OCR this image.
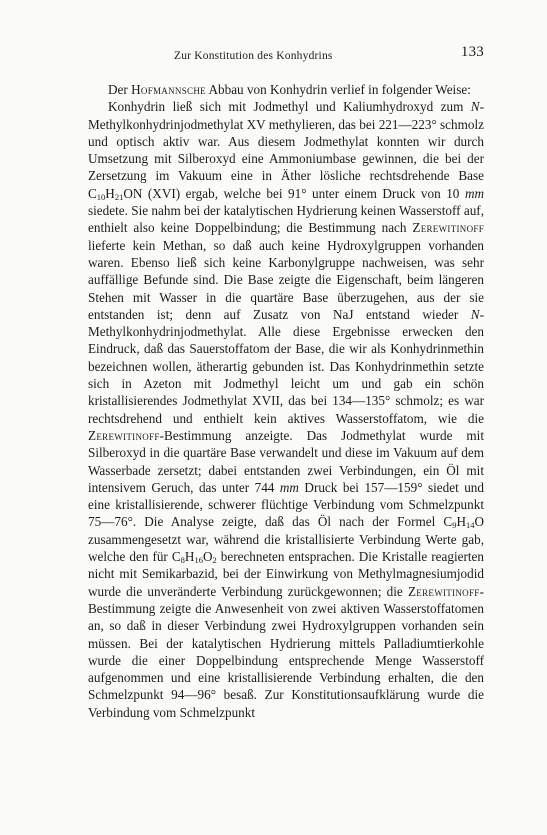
Zur Konstitution des Konhydrins	133

Der Hofmannsche Abbau von Konhydrin verlief in folgender Weise:

Konhydrin ließ sich mit Jodmethyl und Kaliumhydroxyd zum N-Methylkonhydrinjodmethylat XV methylieren, das bei 221—223° schmolz und optisch aktiv war. Aus diesem Jodmethylat konnten wir durch Umsetzung mit Silberoxyd eine Ammoniumbase gewinnen, die bei der Zersetzung im Vakuum eine in Äther lösliche rechtsdrehende Base $C_{10}H_{21}ON$ (XVI) ergab, welche bei 91° unter einem Druck von 10 mm siedete. Sie nahm bei der katalytischen Hydrierung keinen Wasserstoff auf, enthielt also keine Doppelbindung; die Bestimmung nach Zerewitinoff lieferte kein Methan, so daß auch keine Hydroxylgruppen vorhanden waren. Ebenso ließ sich keine Karbonylgruppe nachweisen, was sehr auffällige Befunde sind. Die Base zeigte die Eigenschaft, beim längeren Stehen mit Wasser in die quartäre Base überzugehen, aus der sie entstanden ist; denn auf Zusatz von NaJ entstand wieder N-Methylkonhydrinjodmethylat. Alle diese Ergebnisse erwecken den Eindruck, daß das Sauerstoffatom der Base, die wir als Konhydrinmethin bezeichnen wollen, ätherartig gebunden ist. Das Konhydrinmethin setzte sich in Azeton mit Jodmethyl leicht um und gab ein schön kristallisierendes Jodmethylat XVII, das bei 134—135° schmolz; es war rechtsdrehend und enthielt kein aktives Wasserstoffatom, wie die Zerewitinoff-Bestimmung anzeigte. Das Jodmethylat wurde mit Silberoxyd in die quartäre Base verwandelt und diese im Vakuum auf dem Wasserbade zersetzt; dabei entstanden zwei Verbindungen, ein Öl mit intensivem Geruch, das unter 744 mm Druck bei 157—159° siedet und eine kristallisierende, schwerer flüchtige Verbindung vom Schmelzpunkt 75—76°. Die Analyse zeigte, daß das Öl nach der Formel $C_9H_{14}O$ zusammengesetzt war, während die kristallisierte Verbindung Werte gab, welche den für $C_8H_{16}O_2$ berechneten entsprachen. Die Kristalle reagierten nicht mit Semikarbazid, bei der Einwirkung von Methylmagnesiumjodid wurde die unveränderte Verbindung zurückgewonnen; die Zerewitinoff-Bestimmung zeigte die Anwesenheit von zwei aktiven Wasserstoffatomen an, so daß in dieser Verbindung zwei Hydroxylgruppen vorhanden sein müssen. Bei der katalytischen Hydrierung mittels Palladiumtierkohle wurde die einer Doppelbindung entsprechende Menge Wasserstoff aufgenommen und eine kristallisierende Verbindung erhalten, die den Schmelzpunkt 94—96° besaß. Zur Konstitutionsaufklärung wurde die Verbindung vom Schmelzpunkt
